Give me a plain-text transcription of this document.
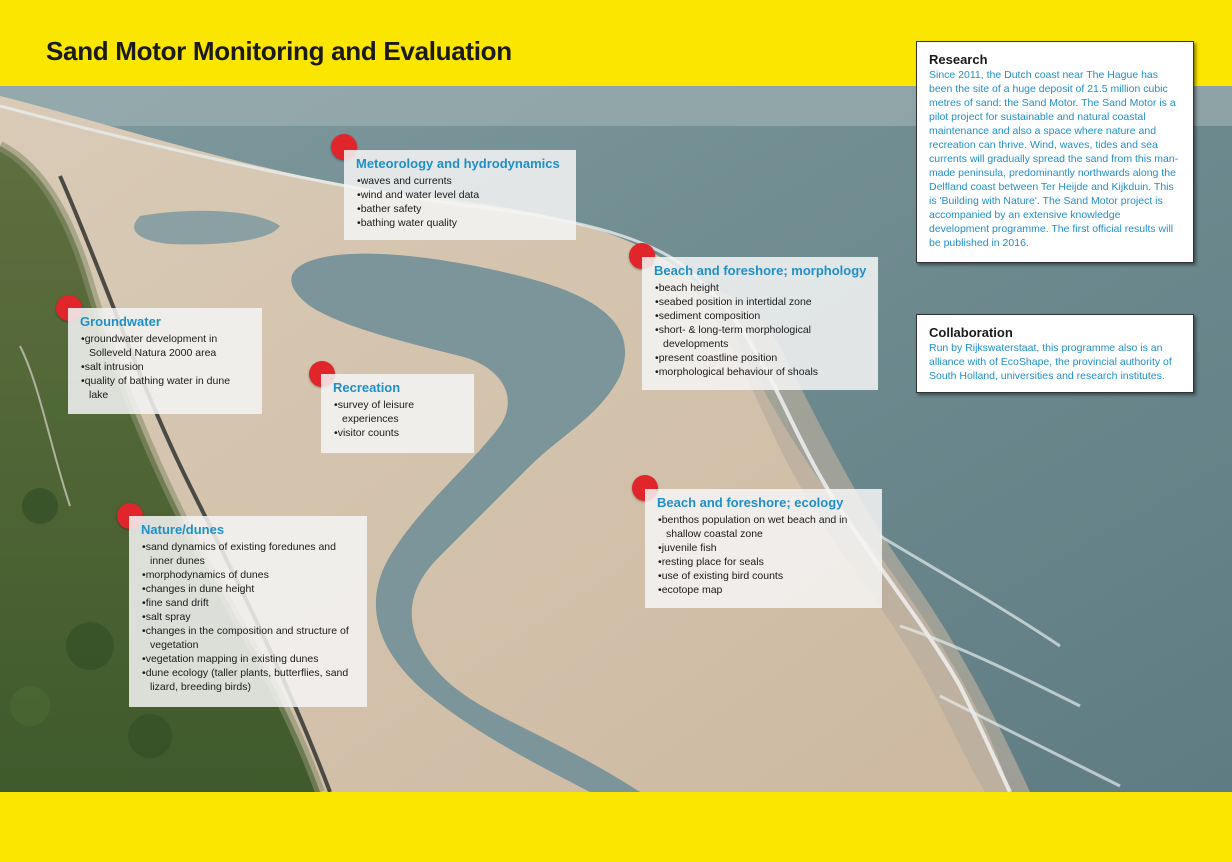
Sand Motor Monitoring and Evaluation
Meteorology and hydrodynamics
• waves and currents
• wind and water level data
• bather safety
• bathing water quality
Beach and foreshore; morphology
• beach height
• seabed position in intertidal zone
• sediment composition
• short- & long-term morphological developments
• present coastline position
• morphological behaviour of shoals
Groundwater
• groundwater development in Solleveld Natura 2000 area
• salt intrusion
• quality of bathing water in dune lake	Recreation
• survey of leisure experiences
• visitor counts
Beach and foreshore; ecology
• benthos population on wet beach and in shallow coastal zone
• juvenile fish
• resting place for seals
• use of existing bird counts
• ecotope map
Nature/dunes
• sand dynamics of existing foredunes and inner dunes
• morphodynamics of dunes
• changes in dune height
• fine sand drift
• salt spray
• changes in the composition and structure of vegetation
• vegetation mapping in existing dunes
• dune ecology (taller plants, butterflies, sand lizard, breeding birds)
Research

Since 2011, the Dutch coast near The Hague has been the site of a huge deposit of 21.5 million cubic metres of sand: the Sand Motor. The Sand Motor is a pilot project for sustainable and natural coastal maintenance and also a space where nature and recreation can thrive. Wind, waves, tides and sea currents will gradually spread the sand from this man-made peninsula, predominantly northwards along the Delfland coast between Ter Heijde and Kijkduin. This is 'Building with Nature'. The Sand Motor project is accompanied by an extensive knowledge development programme. The first official results will be published in 2016.

Collaboration

Run by Rijkswaterstaat, this programme also is an alliance with of EcoShape, the provincial authority of South Holland, universities and research institutes.
